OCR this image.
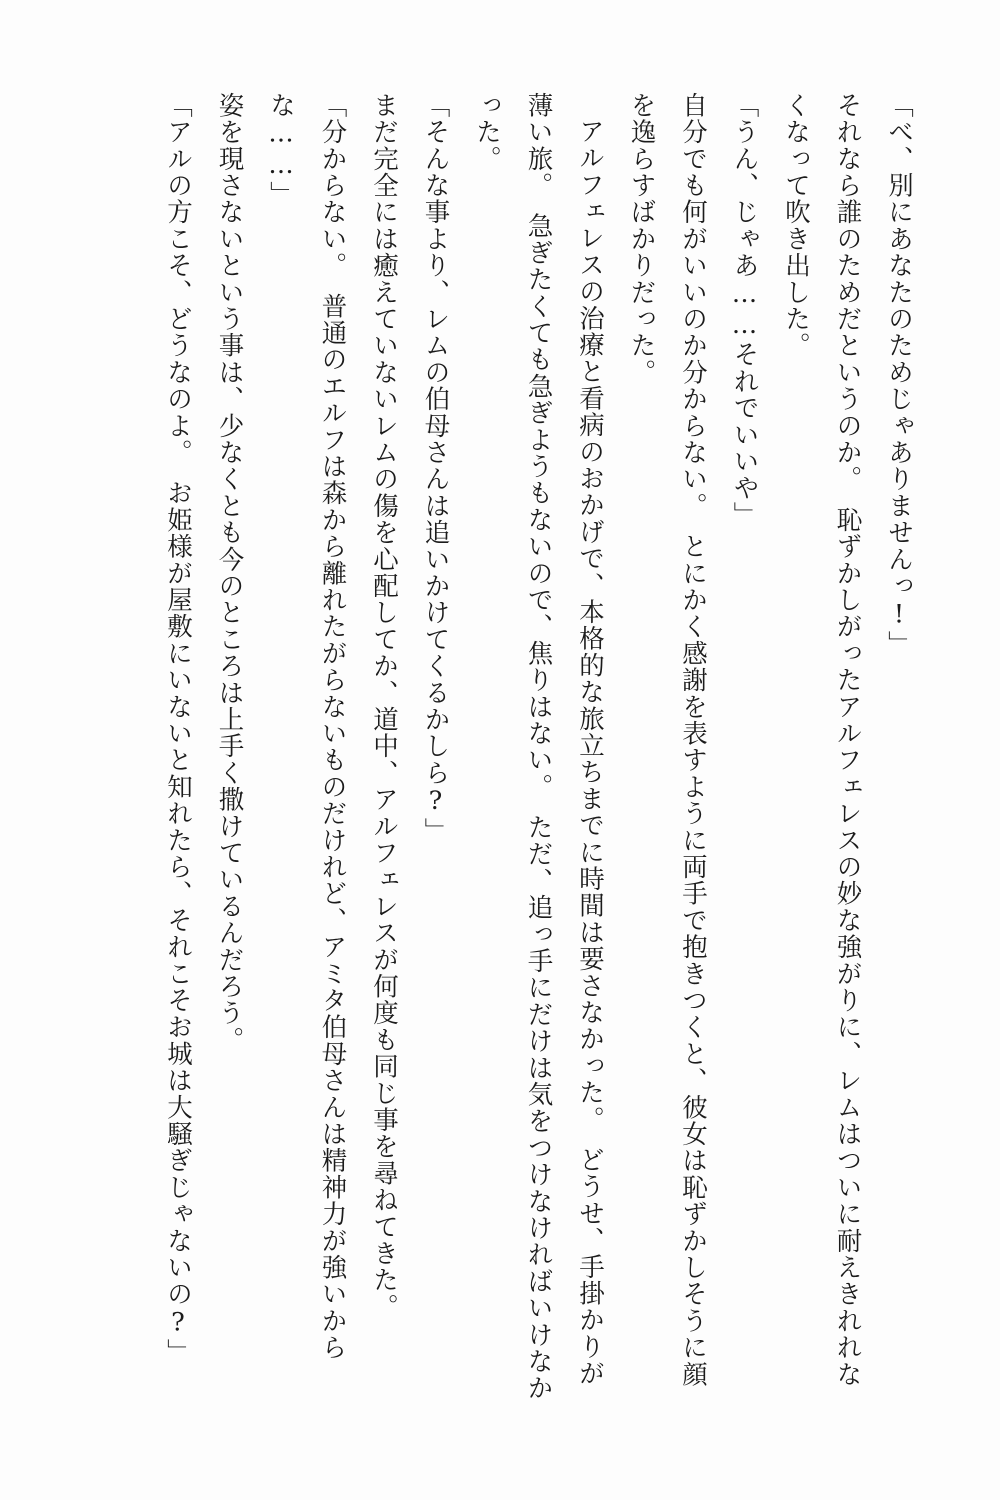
「べ、別にあなたのためじゃありませんっ!」

それなら誰のためだというのか。　恥ずかしがったアルフェレスの妙な強がりに、レムはついに耐えきれれなくなって吹き出した。

「うん、じゃあ……それでいいや」

自分でも何がいいのか分からない。　とにかく感謝を表すように両手で抱きつくと、彼女は恥ずかしそうに顔を逸らすばかりだった。

アルフェレスの治療と看病のおかげで、本格的な旅立ちまでに時間は要さなかった。　どうせ、手掛かりが薄い旅。　急ぎたくても急ぎようもないので、焦りはない。　ただ、追っ手にだけは気をつけなければいけなかった。

「そんな事より、レムの伯母さんは追いかけてくるかしら?」

まだ完全には癒えていないレムの傷を心配してか、道中、アルフェレスが何度も同じ事を尋ねてきた。

「分からない。　普通のエルフは森から離れたがらないものだけれど、アミタ伯母さんは精神力が強いからな……」

姿を現さないという事は、少なくとも今のところは上手く撒けているんだろう。

「アルの方こそ、どうなのよ。　お姫様が屋敷にいないと知れたら、それこそお城は大騒ぎじゃないの?」
